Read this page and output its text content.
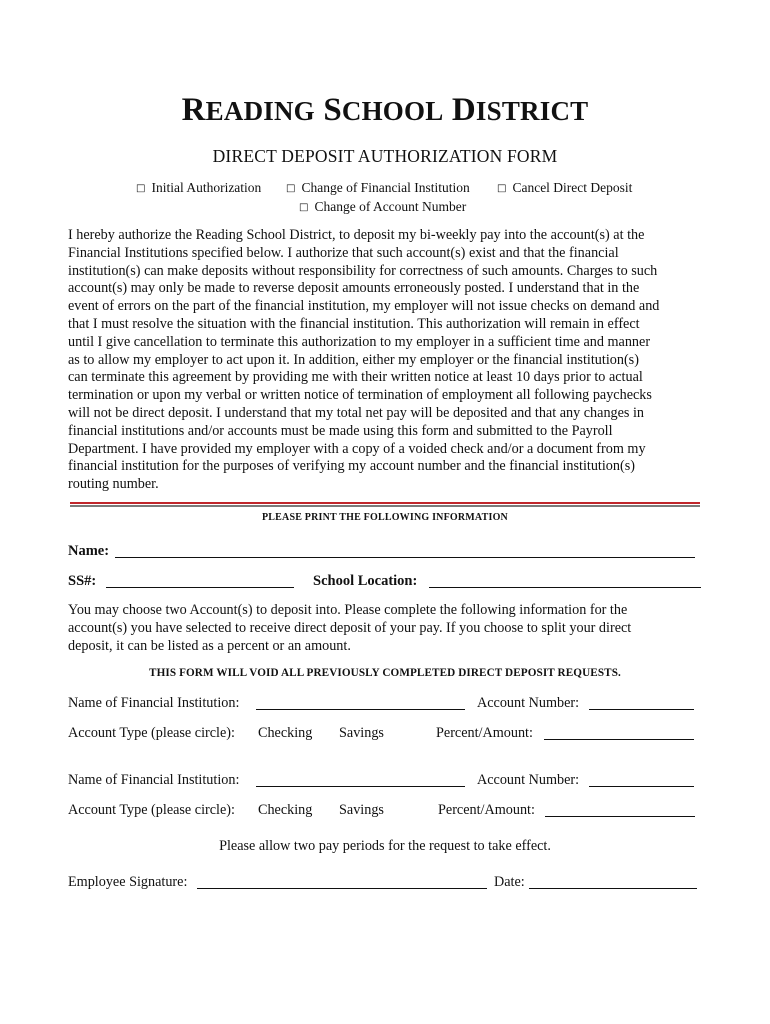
READING SCHOOL DISTRICT
DIRECT DEPOSIT AUTHORIZATION FORM
□ Initial Authorization □ Change of Financial Institution	□ Cancel Direct Deposit
□ Change of Account Number
I hereby authorize the Reading School District, to deposit my bi-weekly pay into the account(s) at the
Financial Institutions specified below. I authorize that such account(s) exist and that the financial
institution(s) can make deposits without responsibility for correctness of such amounts. Charges to such
account(s) may only be made to reverse deposit amounts erroneously posted. I understand that in the
event of errors on the part of the financial institution, my employer will not issue checks on demand and
that I must resolve the situation with the financial institution. This authorization will remain in effect
until I give cancellation to terminate this authorization to my employer in a sufficient time and manner
as to allow my employer to act upon it. In addition, either my employer or the financial institution(s)
can terminate this agreement by providing me with their written notice at least 10 days prior to actual
termination or upon my verbal or written notice of termination of employment all following paychecks
will not be direct deposit. I understand that my total net pay will be deposited and that any changes in
financial institutions and/or accounts must be made using this form and submitted to the Payroll
Department. I have provided my employer with a copy of a voided check and/or a document from my
financial institution for the purposes of verifying my account number and the financial institution(s)
routing number.
PLEASE PRINT THE FOLLOWING INFORMATION
Name:
SS#:	School Location:
You may choose two Account(s) to deposit into. Please complete the following information for the
account(s) you have selected to receive direct deposit of your pay. If you choose to split your direct
deposit, it can be listed as a percent or an amount.
THIS FORM WILL VOID ALL PREVIOUSLY COMPLETED DIRECT DEPOSIT REQUESTS.
Name of Financial Institution:	Account Number:
Account Type (please circle): Checking Savings	Percent/Amount:
Name of Financial Institution:	Account Number:
Account Type (please circle): Checking Savings	Percent/Amount:
Please allow two pay periods for the request to take effect.
Employee Signature:	Date:
